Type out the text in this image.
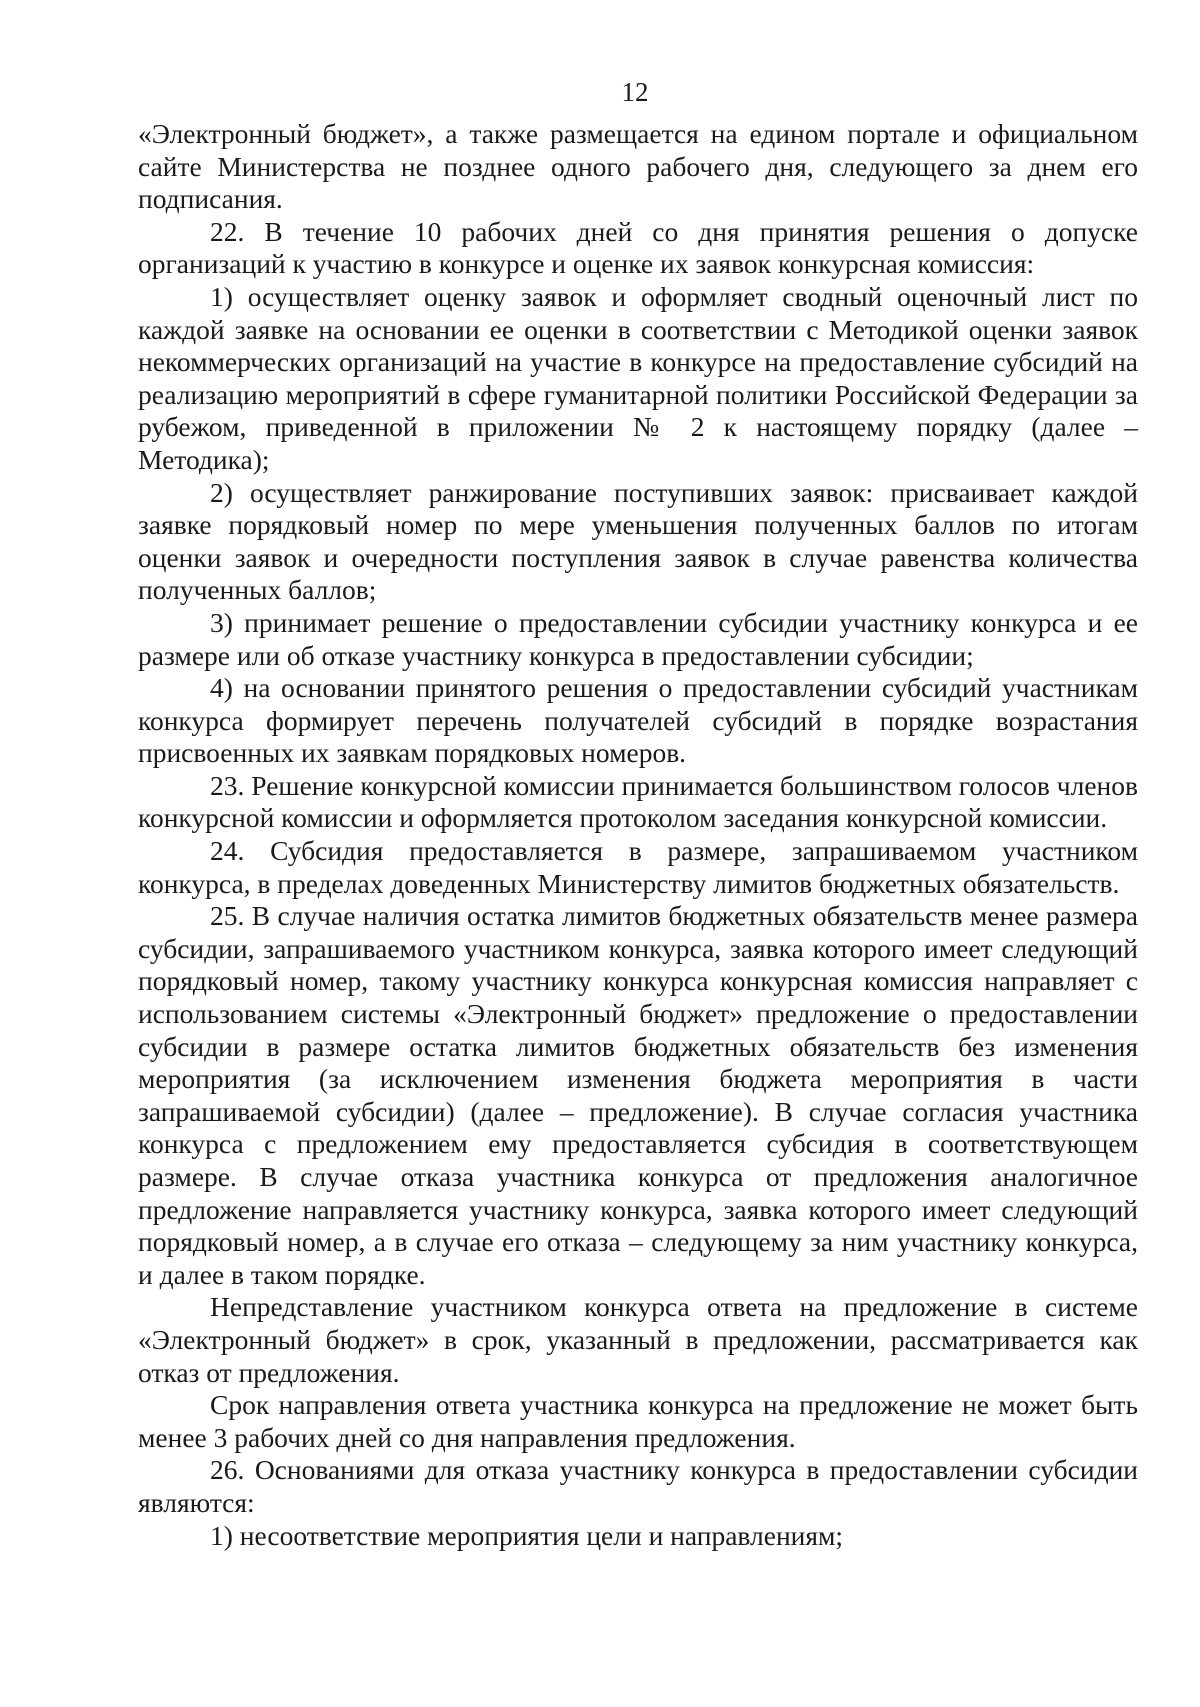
12

«Электронный бюджет», а также размещается на едином портале и официальном сайте Министерства не позднее одного рабочего дня, следующего за днем его подписания.

22. В течение 10 рабочих дней со дня принятия решения о допуске организаций к участию в конкурсе и оценке их заявок конкурсная комиссия:

1) осуществляет оценку заявок и оформляет сводный оценочный лист по каждой заявке на основании ее оценки в соответствии с Методикой оценки заявок некоммерческих организаций на участие в конкурсе на предоставление субсидий на реализацию мероприятий в сфере гуманитарной политики Российской Федерации за рубежом, приведенной в приложении № 2 к настоящему порядку (далее – Методика);

2) осуществляет ранжирование поступивших заявок: присваивает каждой заявке порядковый номер по мере уменьшения полученных баллов по итогам оценки заявок и очередности поступления заявок в случае равенства количества полученных баллов;

3) принимает решение о предоставлении субсидии участнику конкурса и ее размере или об отказе участнику конкурса в предоставлении субсидии;

4) на основании принятого решения о предоставлении субсидий участникам конкурса формирует перечень получателей субсидий в порядке возрастания присвоенных их заявкам порядковых номеров.

23. Решение конкурсной комиссии принимается большинством голосов членов конкурсной комиссии и оформляется протоколом заседания конкурсной комиссии.

24. Субсидия предоставляется в размере, запрашиваемом участником конкурса, в пределах доведенных Министерству лимитов бюджетных обязательств.

25. В случае наличия остатка лимитов бюджетных обязательств менее размера субсидии, запрашиваемого участником конкурса, заявка которого имеет следующий порядковый номер, такому участнику конкурса конкурсная комиссия направляет с использованием системы «Электронный бюджет» предложение о предоставлении субсидии в размере остатка лимитов бюджетных обязательств без изменения мероприятия (за исключением изменения бюджета мероприятия в части запрашиваемой субсидии) (далее – предложение). В случае согласия участника конкурса с предложением ему предоставляется субсидия в соответствующем размере. В случае отказа участника конкурса от предложения аналогичное предложение направляется участнику конкурса, заявка которого имеет следующий порядковый номер, а в случае его отказа – следующему за ним участнику конкурса, и далее в таком порядке.

Непредставление участником конкурса ответа на предложение в системе «Электронный бюджет» в срок, указанный в предложении, рассматривается как отказ от предложения.

Срок направления ответа участника конкурса на предложение не может быть менее 3 рабочих дней со дня направления предложения.

26. Основаниями для отказа участнику конкурса в предоставлении субсидии являются:

1) несоответствие мероприятия цели и направлениям;
